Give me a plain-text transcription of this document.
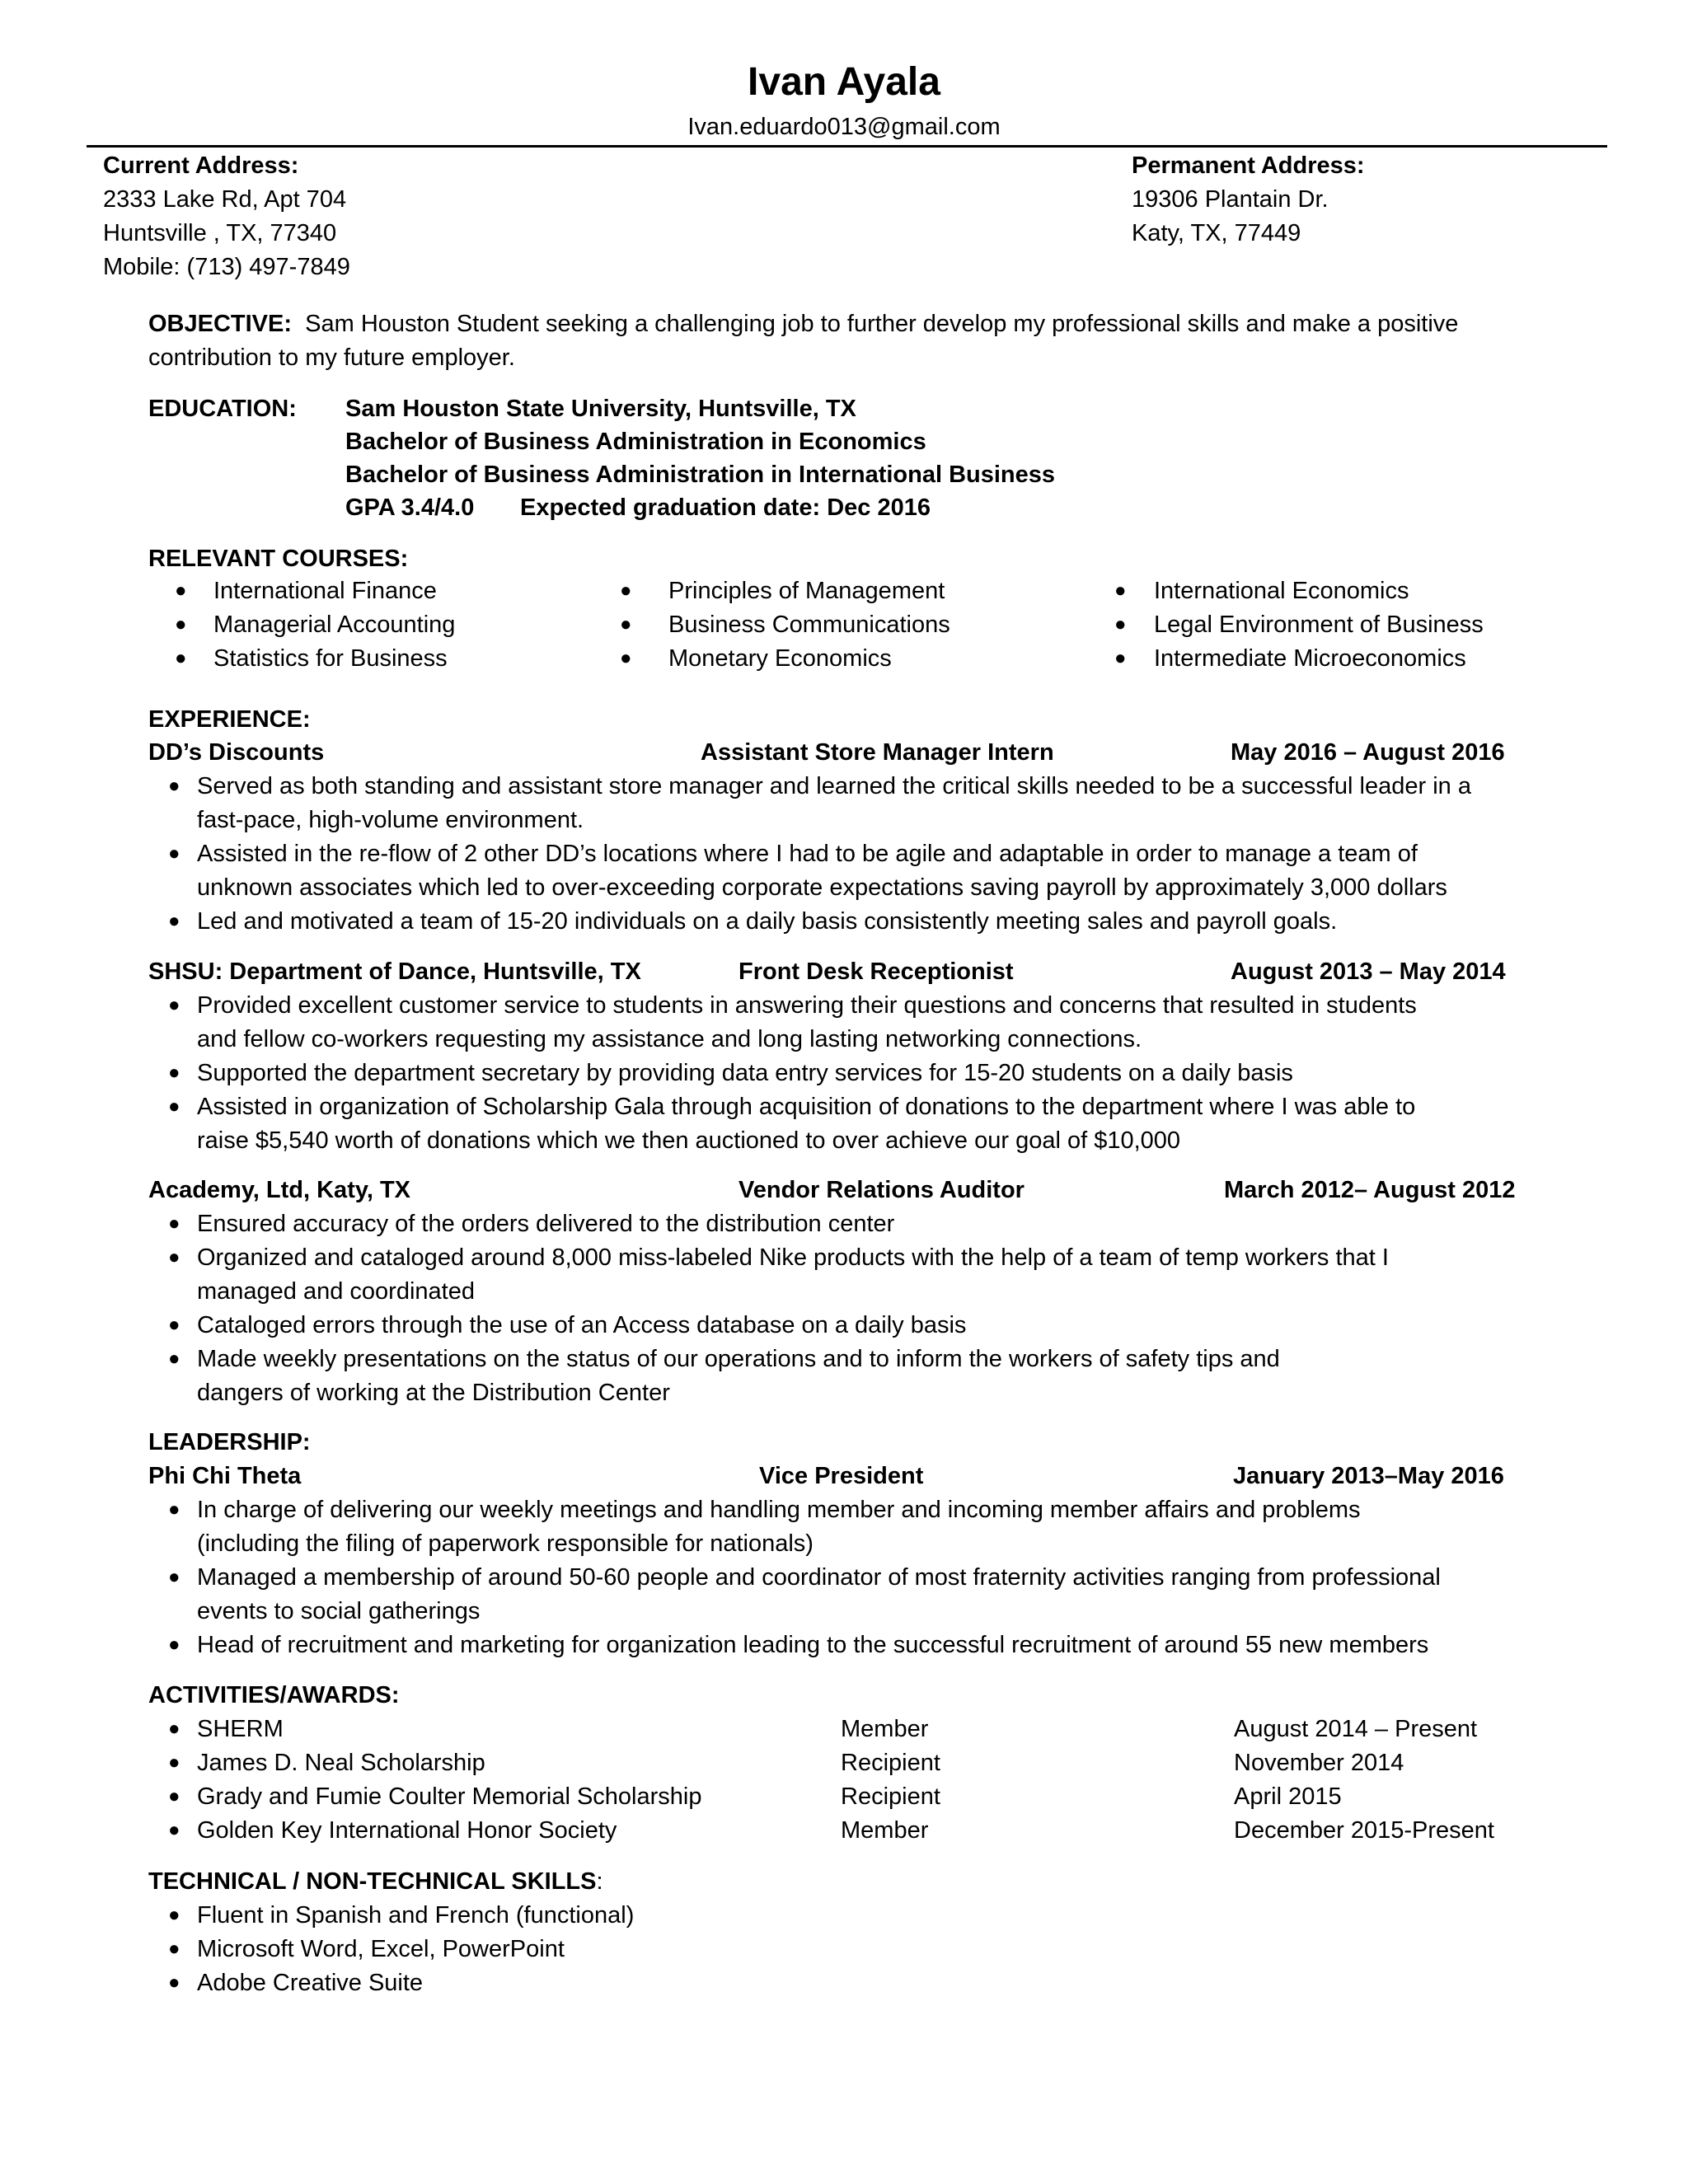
Ivan Ayala
Ivan.eduardo013@gmail.com
Current Address:
2333 Lake Rd, Apt 704
Huntsville , TX, 77340
Mobile: (713) 497-7849
Permanent Address:
19306 Plantain Dr.
Katy, TX, 77449
OBJECTIVE: Sam Houston Student seeking a challenging job to further develop my professional skills and make a positive
contribution to my future employer.
EDUCATION: Sam Houston State University, Huntsville, TX
Bachelor of Business Administration in Economics
Bachelor of Business Administration in International Business
GPA 3.4/4.0 Expected graduation date: Dec 2016
RELEVANT COURSES:
● International Finance
● Managerial Accounting
● Statistics for Business
● Principles of Management
● Business Communications
● Monetary Economics
● International Economics
● Legal Environment of Business
● Intermediate Microeconomics
EXPERIENCE:
DD’s Discounts	Assistant Store Manager Intern	May 2016 – August 2016
● Served as both standing and assistant store manager and learned the critical skills needed to be a successful leader in a
fast-pace, high-volume environment.
● Assisted in the re-flow of 2 other DD’s locations where I had to be agile and adaptable in order to manage a team of
unknown associates which led to over-exceeding corporate expectations saving payroll by approximately 3,000 dollars
● Led and motivated a team of 15-20 individuals on a daily basis consistently meeting sales and payroll goals.
SHSU: Department of Dance, Huntsville, TX	Front Desk Receptionist	August 2013 – May 2014
● Provided excellent customer service to students in answering their questions and concerns that resulted in students
and fellow co-workers requesting my assistance and long lasting networking connections.
● Supported the department secretary by providing data entry services for 15-20 students on a daily basis
● Assisted in organization of Scholarship Gala through acquisition of donations to the department where I was able to
raise $5,540 worth of donations which we then auctioned to over achieve our goal of $10,000
Academy, Ltd, Katy, TX	Vendor Relations Auditor	March 2012– August 2012
● Ensured accuracy of the orders delivered to the distribution center
● Organized and cataloged around 8,000 miss-labeled Nike products with the help of a team of temp workers that I
managed and coordinated
● Cataloged errors through the use of an Access database on a daily basis
● Made weekly presentations on the status of our operations and to inform the workers of safety tips and
dangers of working at the Distribution Center
LEADERSHIP:
Phi Chi Theta	Vice President	January 2013–May 2016
● In charge of delivering our weekly meetings and handling member and incoming member affairs and problems
(including the filing of paperwork responsible for nationals)
● Managed a membership of around 50-60 people and coordinator of most fraternity activities ranging from professional
events to social gatherings
● Head of recruitment and marketing for organization leading to the successful recruitment of around 55 new members
ACTIVITIES/AWARDS:
● SHERM	Member	August 2014 – Present
● James D. Neal Scholarship	Recipient	November 2014
● Grady and Fumie Coulter Memorial Scholarship	Recipient	April 2015
● Golden Key International Honor Society	Member	December 2015-Present
TECHNICAL / NON-TECHNICAL SKILLS:
● Fluent in Spanish and French (functional)
● Microsoft Word, Excel, PowerPoint
● Adobe Creative Suite
